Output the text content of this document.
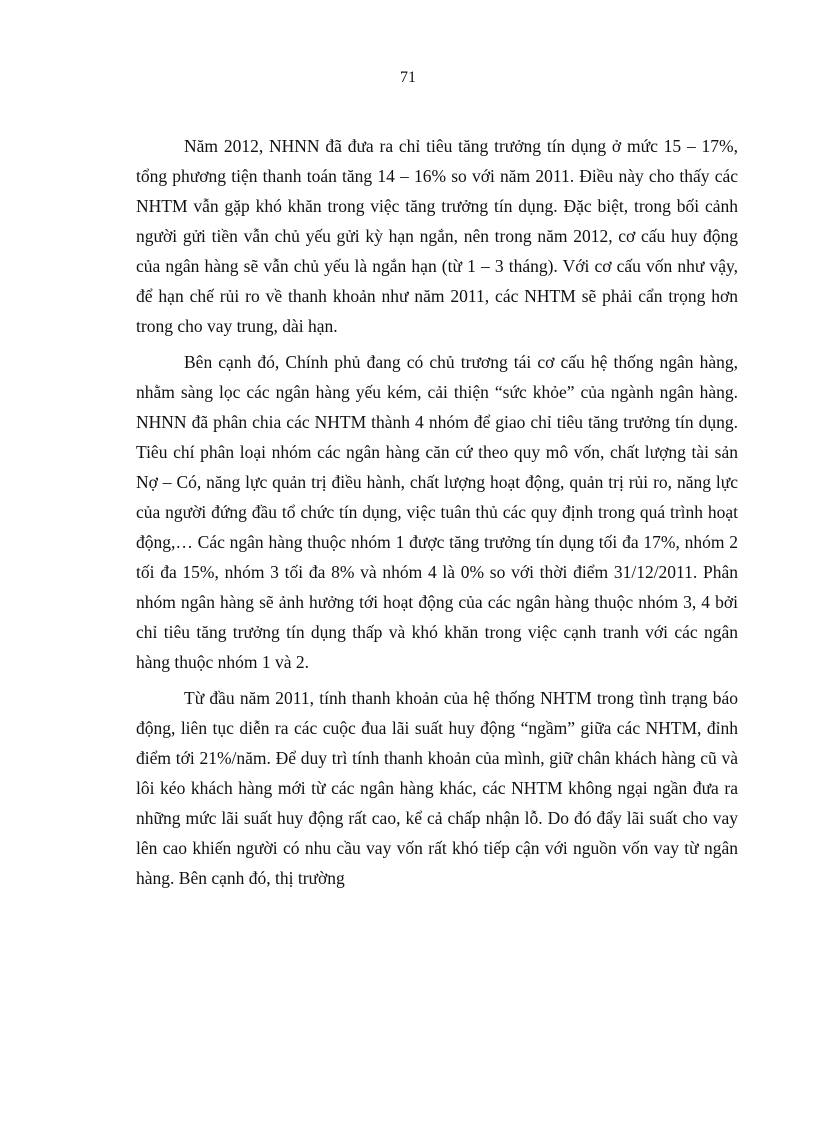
71

Năm 2012, NHNN đã đưa ra chỉ tiêu tăng trưởng tín dụng ở mức 15 – 17%, tổng phương tiện thanh toán tăng 14 – 16% so với năm 2011. Điều này cho thấy các NHTM vẫn gặp khó khăn trong việc tăng trưởng tín dụng. Đặc biệt, trong bối cảnh người gửi tiền vẫn chủ yếu gửi kỳ hạn ngắn, nên trong năm 2012, cơ cấu huy động của ngân hàng sẽ vẫn chủ yếu là ngắn hạn (từ 1 – 3 tháng). Với cơ cấu vốn như vậy, để hạn chế rủi ro về thanh khoản như năm 2011, các NHTM sẽ phải cẩn trọng hơn trong cho vay trung, dài hạn.

Bên cạnh đó, Chính phủ đang có chủ trương tái cơ cấu hệ thống ngân hàng, nhằm sàng lọc các ngân hàng yếu kém, cải thiện “sức khỏe” của ngành ngân hàng. NHNN đã phân chia các NHTM thành 4 nhóm để giao chỉ tiêu tăng trưởng tín dụng. Tiêu chí phân loại nhóm các ngân hàng căn cứ theo quy mô vốn, chất lượng tài sản Nợ – Có, năng lực quản trị điều hành, chất lượng hoạt động, quản trị rủi ro, năng lực của người đứng đầu tổ chức tín dụng, việc tuân thủ các quy định trong quá trình hoạt động,… Các ngân hàng thuộc nhóm 1 được tăng trưởng tín dụng tối đa 17%, nhóm 2 tối đa 15%, nhóm 3 tối đa 8% và nhóm 4 là 0% so với thời điểm 31/12/2011. Phân nhóm ngân hàng sẽ ảnh hưởng tới hoạt động của các ngân hàng thuộc nhóm 3, 4 bởi chỉ tiêu tăng trưởng tín dụng thấp và khó khăn trong việc cạnh tranh với các ngân hàng thuộc nhóm 1 và 2.

Từ đầu năm 2011, tính thanh khoản của hệ thống NHTM trong tình trạng báo động, liên tục diễn ra các cuộc đua lãi suất huy động “ngầm” giữa các NHTM, đỉnh điểm tới 21%/năm. Để duy trì tính thanh khoản của mình, giữ chân khách hàng cũ và lôi kéo khách hàng mới từ các ngân hàng khác, các NHTM không ngại ngần đưa ra những mức lãi suất huy động rất cao, kể cả chấp nhận lỗ. Do đó đẩy lãi suất cho vay lên cao khiến người có nhu cầu vay vốn rất khó tiếp cận với nguồn vốn vay từ ngân hàng. Bên cạnh đó, thị trường
